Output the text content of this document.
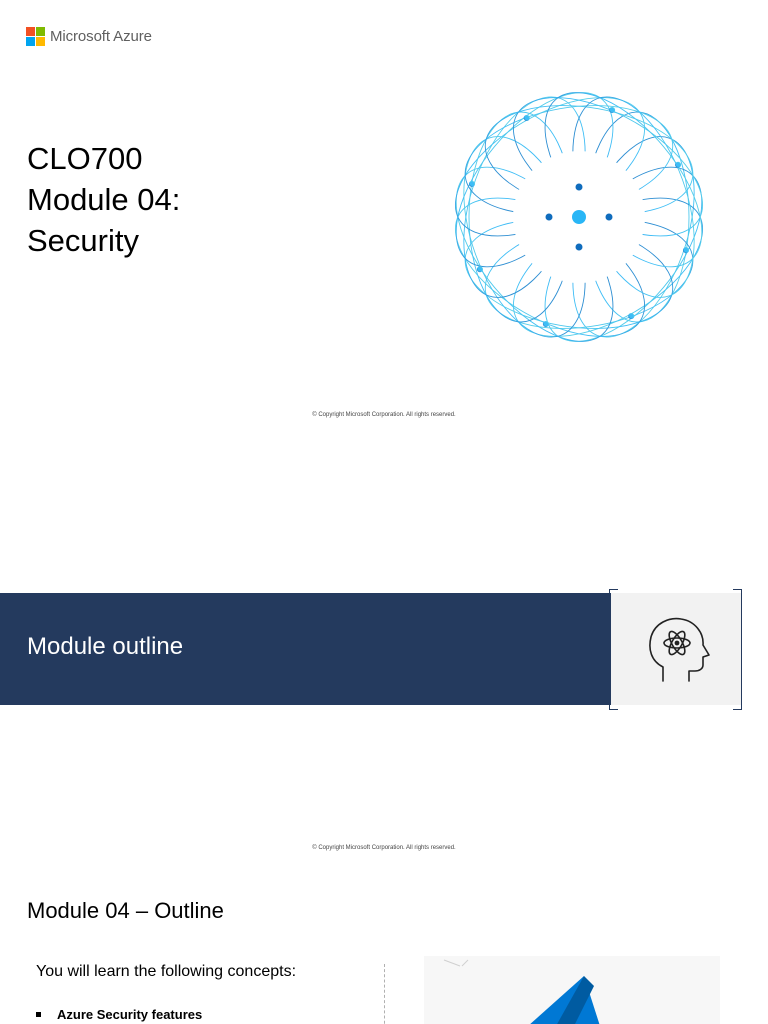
Microsoft Azure
CLO700
Module 04:
Security
© Copyright Microsoft Corporation. All rights reserved.
Module outline
© Copyright Microsoft Corporation. All rights reserved.
Module 04 – Outline
You will learn the following concepts:
Azure Security features
